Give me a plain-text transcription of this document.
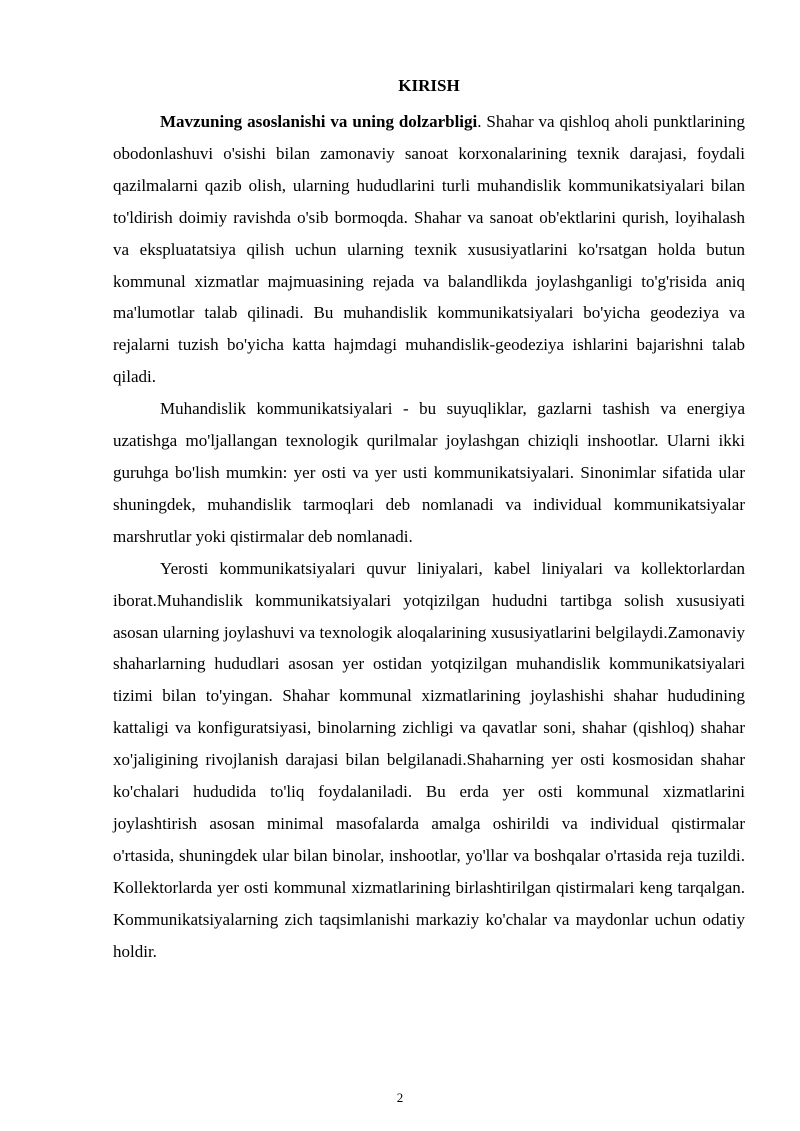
KIRISH

Mavzuning asoslanishi va uning dolzarbligi. Shahar va qishloq aholi punktlarining obodonlashuvi o'sishi bilan zamonaviy sanoat korxonalarining texnik darajasi, foydali qazilmalarni qazib olish, ularning hududlarini turli muhandislik kommunikatsiyalari bilan to'ldirish doimiy ravishda o'sib bormoqda. Shahar va sanoat ob'ektlarini qurish, loyihalash va ekspluatatsiya qilish uchun ularning texnik xususiyatlarini ko'rsatgan holda butun kommunal xizmatlar majmuasining rejada va balandlikda joylashganligi to'g'risida aniq ma'lumotlar talab qilinadi. Bu muhandislik kommunikatsiyalari bo'yicha geodeziya va rejalarni tuzish bo'yicha katta hajmdagi muhandislik-geodeziya ishlarini bajarishni talab qiladi.

Muhandislik kommunikatsiyalari - bu suyuqliklar, gazlarni tashish va energiya uzatishga mo'ljallangan texnologik qurilmalar joylashgan chiziqli inshootlar. Ularni ikki guruhga bo'lish mumkin: yer osti va yer usti kommunikatsiyalari. Sinonimlar sifatida ular shuningdek, muhandislik tarmoqlari deb nomlanadi va individual kommunikatsiyalar marshrutlar yoki qistirmalar deb nomlanadi.

Yerosti kommunikatsiyalari quvur liniyalari, kabel liniyalari va kollektorlardan iborat.Muhandislik kommunikatsiyalari yotqizilgan hududni tartibga solish xususiyati asosan ularning joylashuvi va texnologik aloqalarining xususiyatlarini belgilaydi.Zamonaviy shaharlarning hududlari asosan yer ostidan yotqizilgan muhandislik kommunikatsiyalari tizimi bilan to'yingan. Shahar kommunal xizmatlarining joylashishi shahar hududining kattaligi va konfiguratsiyasi, binolarning zichligi va qavatlar soni, shahar (qishloq) shahar xo'jaligining rivojlanish darajasi bilan belgilanadi.Shaharning yer osti kosmosidan shahar ko'chalari hududida to'liq foydalaniladi. Bu erda yer osti kommunal xizmatlarini joylashtirish asosan minimal masofalarda amalga oshirildi va individual qistirmalar o'rtasida, shuningdek ular bilan binolar, inshootlar, yo'llar va boshqalar o'rtasida reja tuzildi. Kollektorlarda yer osti kommunal xizmatlarining birlashtirilgan qistirmalari keng tarqalgan. Kommunikatsiyalarning zich taqsimlanishi markaziy ko'chalar va maydonlar uchun odatiy holdir.

2
